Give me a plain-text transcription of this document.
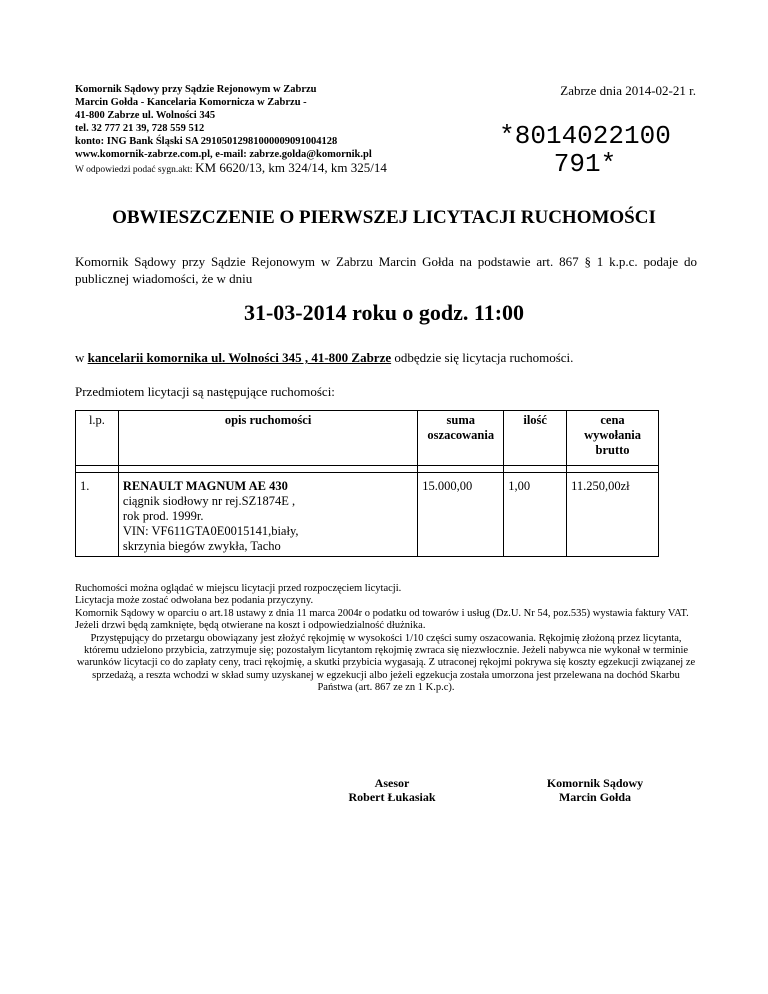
Komornik Sądowy przy Sądzie Rejonowym w Zabrzu
Marcin Gołda - Kancelaria Komornicza w Zabrzu -
41-800 Zabrze ul. Wolności 345
tel. 32 777 21 39, 728 559 512
konto: ING Bank Śląski SA 29105012981000009091004128
www.komornik-zabrze.com.pl, e-mail: zabrze.golda@komornik.pl
W odpowiedzi podać sygn.akt: KM 6620/13, km 324/14, km 325/14
Zabrze dnia 2014-02-21 r.
*8014022100
791*
OBWIESZCZENIE O PIERWSZEJ LICYTACJI RUCHOMOŚCI
Komornik Sądowy przy Sądzie Rejonowym w Zabrzu Marcin Gołda na podstawie art. 867 § 1 k.p.c. podaje do publicznej wiadomości, że w dniu
31-03-2014 roku o godz. 11:00
w kancelarii komornika ul. Wolności 345 , 41-800 Zabrze odbędzie się licytacja ruchomości.
Przedmiotem licytacji są następujące ruchomości:
l.p.	opis ruchomości	suma oszacowania	ilość	cena wywołania brutto

1.	RENAULT MAGNUM AE 430
ciągnik siodłowy nr rej.SZ1874E ,
rok prod. 1999r.
VIN: VF611GTA0E0015141,biały,
skrzynia biegów zwykła, Tacho	15.000,00	1,00	11.250,00zł

Ruchomości można oglądać w miejscu licytacji przed rozpoczęciem licytacji.

Licytacja może zostać odwołana bez podania przyczyny.

Komornik Sądowy w oparciu o art.18 ustawy z dnia 11 marca 2004r o podatku od towarów i usług (Dz.U. Nr 54, poz.535) wystawia faktury VAT.

Jeżeli drzwi będą zamknięte, będą otwierane na koszt i odpowiedzialność dłużnika.

Przystępujący do przetargu obowiązany jest złożyć rękojmię w wysokości 1/10 części sumy oszacowania. Rękojmię złożoną przez licytanta, któremu udzielono przybicia, zatrzymuje się; pozostałym licytantom rękojmię zwraca się niezwłocznie. Jeżeli nabywca nie wykonał w terminie warunków licytacji co do zapłaty ceny, traci rękojmię, a skutki przybicia wygasają. Z utraconej rękojmi pokrywa się koszty egzekucji związanej ze sprzedażą, a reszta wchodzi w skład sumy uzyskanej w egzekucji albo jeżeli egzekucja została umorzona jest przelewana na dochód Skarbu Państwa (art. 867 ze zn 1 K.p.c).

Asesor
Robert Łukasiak
Komornik Sądowy
Marcin Gołda
